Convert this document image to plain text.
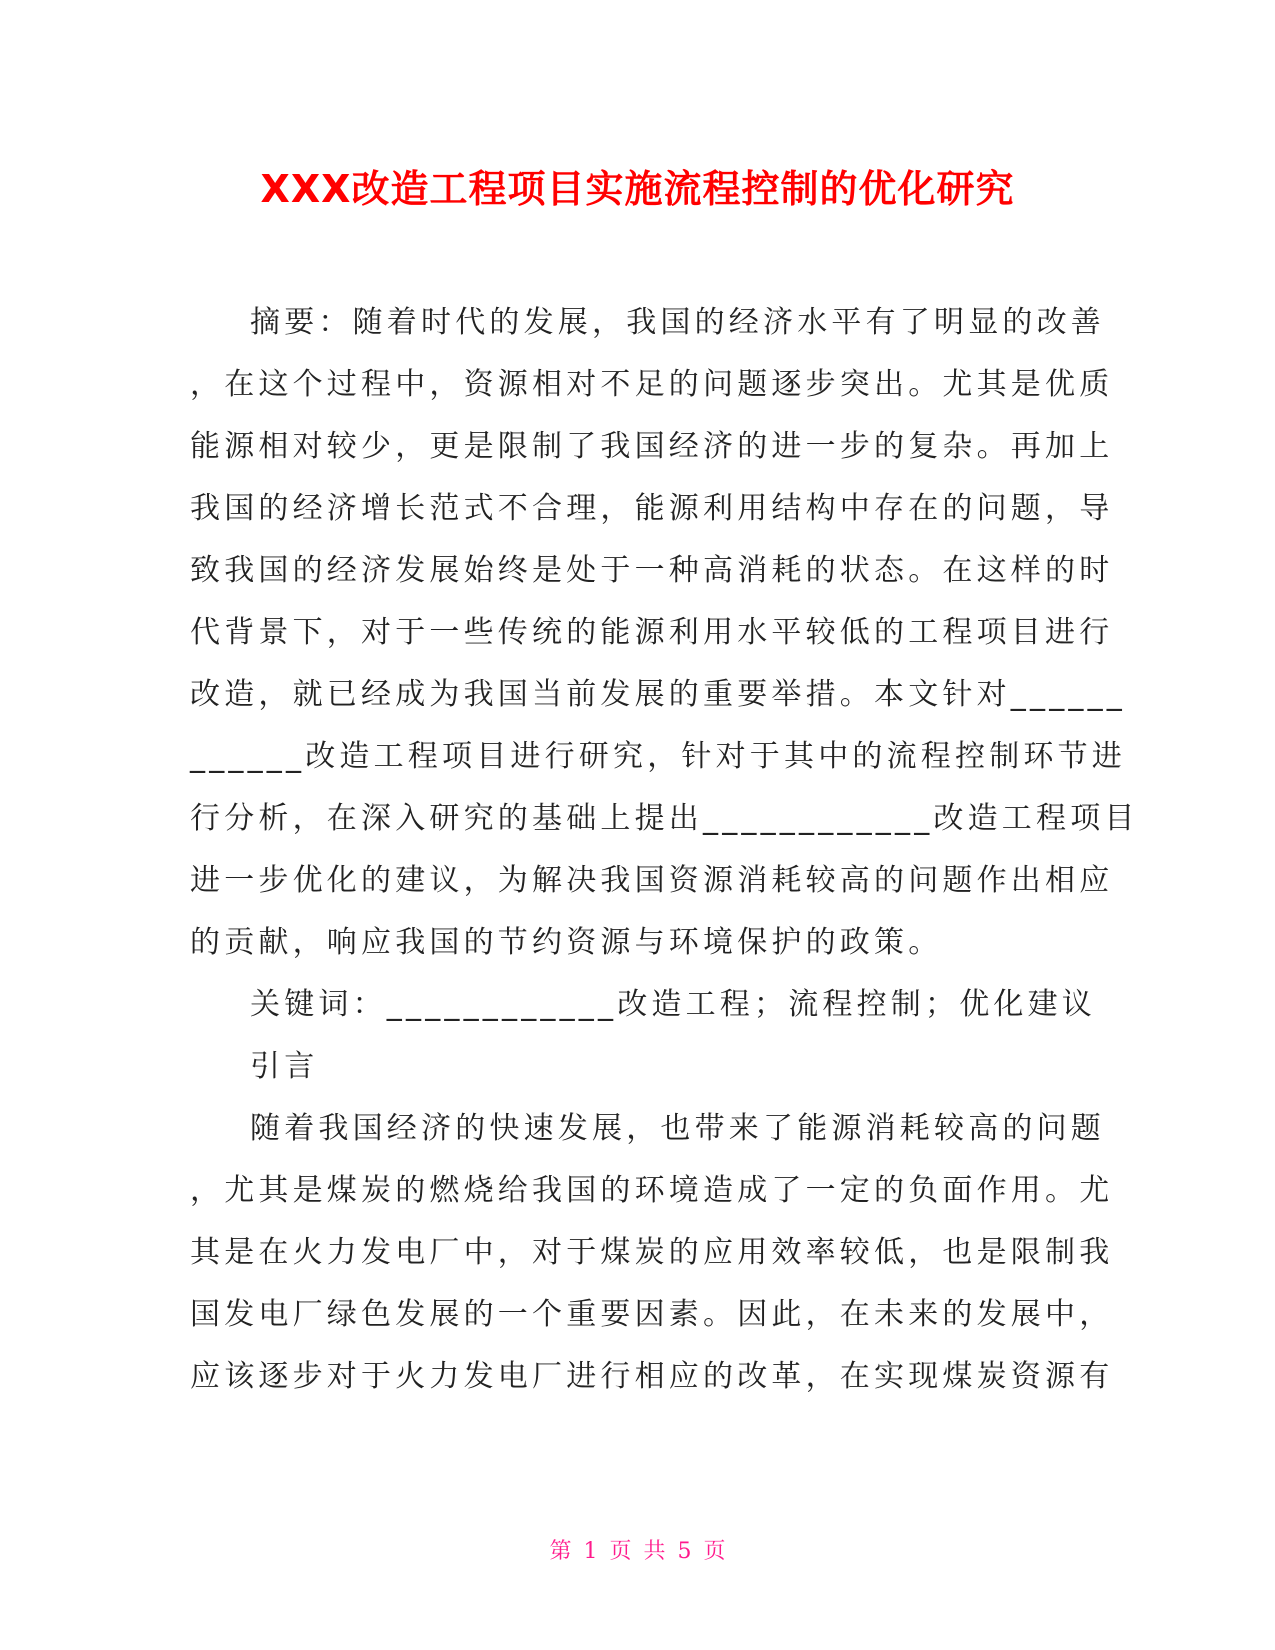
XXX改造工程项目实施流程控制的优化研究
摘要：随着时代的发展，我国的经济水平有了明显的改善
，在这个过程中，资源相对不足的问题逐步突出。尤其是优质
能源相对较少，更是限制了我国经济的进一步的复杂。再加上
我国的经济增长范式不合理，能源利用结构中存在的问题，导
致我国的经济发展始终是处于一种高消耗的状态。在这样的时
代背景下，对于一些传统的能源利用水平较低的工程项目进行
改造，就已经成为我国当前发展的重要举措。本文针对______
______改造工程项目进行研究，针对于其中的流程控制环节进
行分析，在深入研究的基础上提出____________改造工程项目
进一步优化的建议，为解决我国资源消耗较高的问题作出相应
的贡献，响应我国的节约资源与环境保护的政策。
关键词：____________改造工程；流程控制；优化建议
引言
随着我国经济的快速发展，也带来了能源消耗较高的问题
，尤其是煤炭的燃烧给我国的环境造成了一定的负面作用。尤
其是在火力发电厂中，对于煤炭的应用效率较低，也是限制我
国发电厂绿色发展的一个重要因素。因此，在未来的发展中，
应该逐步对于火力发电厂进行相应的改革，在实现煤炭资源有
第 1 页 共 5 页
